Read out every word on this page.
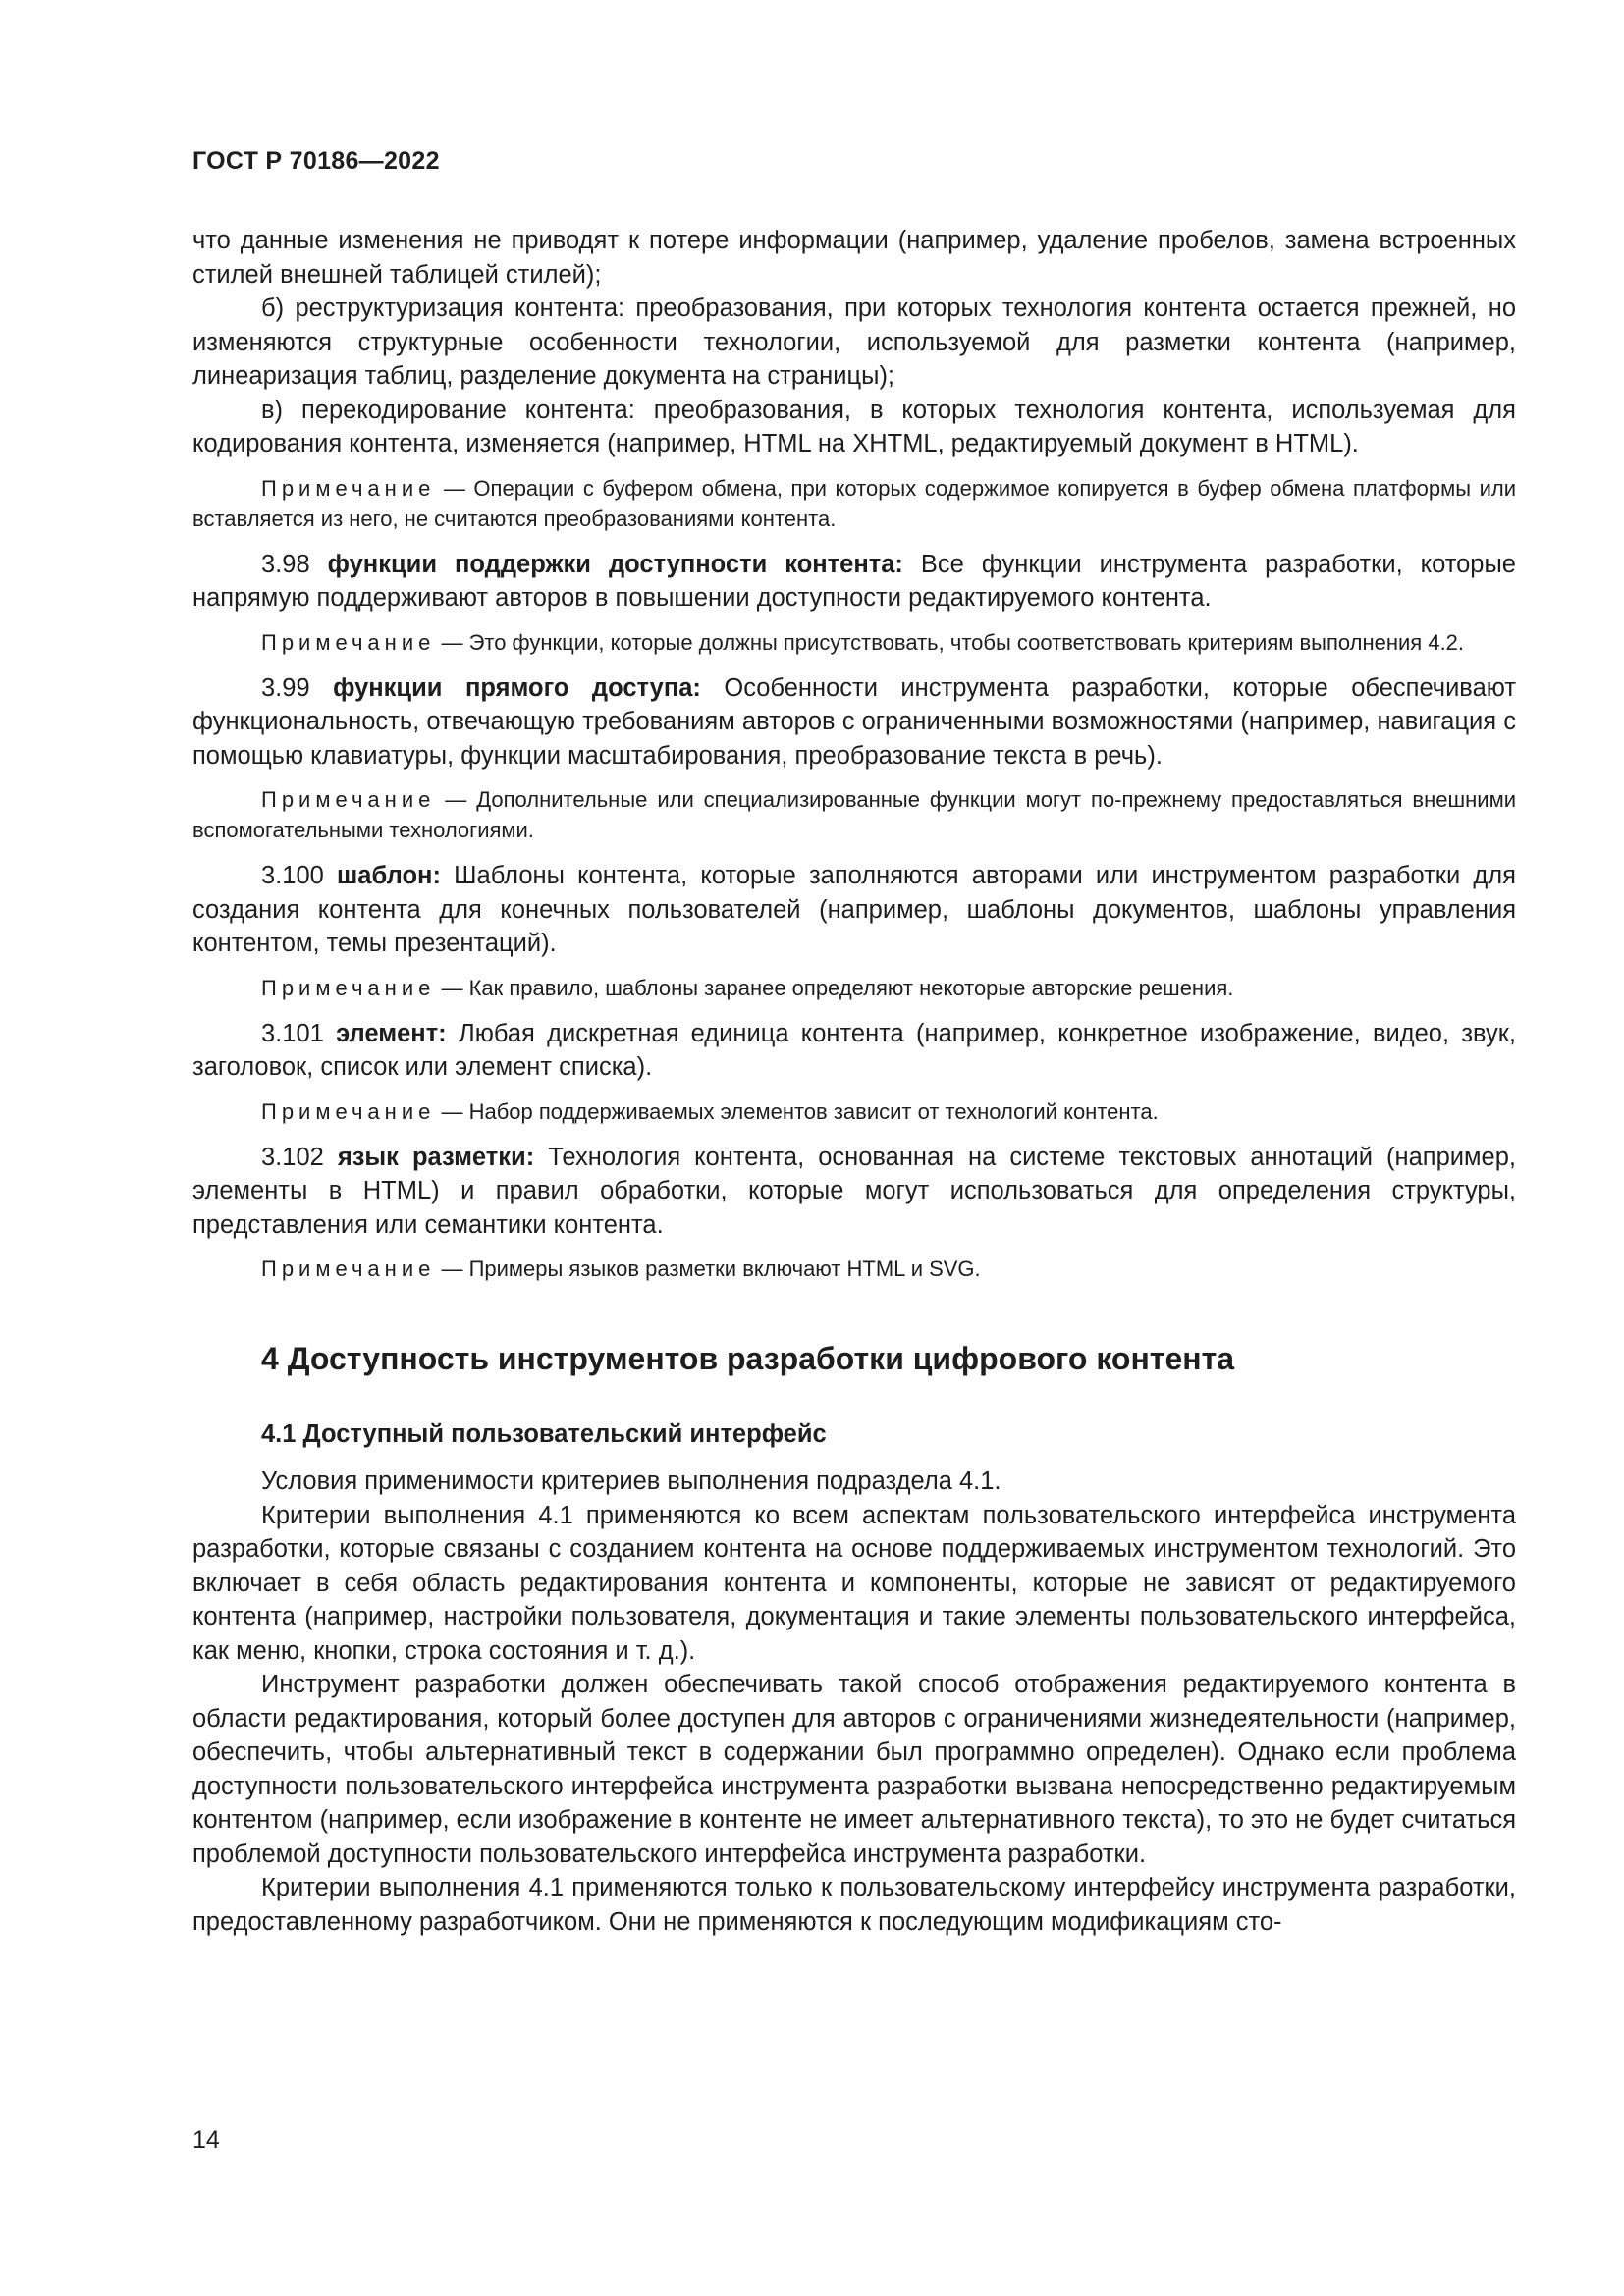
ГОСТ Р 70186—2022

что данные изменения не приводят к потере информации (например, удаление пробелов, замена встроенных стилей внешней таблицей стилей);

б) реструктуризация контента: преобразования, при которых технология контента остается прежней, но изменяются структурные особенности технологии, используемой для разметки контента (например, линеаризация таблиц, разделение документа на страницы);

в) перекодирование контента: преобразования, в которых технология контента, используемая для кодирования контента, изменяется (например, HTML на XHTML, редактируемый документ в HTML).

Примечание — Операции с буфером обмена, при которых содержимое копируется в буфер обмена платформы или вставляется из него, не считаются преобразованиями контента.

3.98 функции поддержки доступности контента: Все функции инструмента разработки, которые напрямую поддерживают авторов в повышении доступности редактируемого контента.

Примечание — Это функции, которые должны присутствовать, чтобы соответствовать критериям выполнения 4.2.

3.99 функции прямого доступа: Особенности инструмента разработки, которые обеспечивают функциональность, отвечающую требованиям авторов с ограниченными возможностями (например, навигация с помощью клавиатуры, функции масштабирования, преобразование текста в речь).

Примечание — Дополнительные или специализированные функции могут по-прежнему предоставляться внешними вспомогательными технологиями.

3.100 шаблон: Шаблоны контента, которые заполняются авторами или инструментом разработки для создания контента для конечных пользователей (например, шаблоны документов, шаблоны управления контентом, темы презентаций).

Примечание — Как правило, шаблоны заранее определяют некоторые авторские решения.

3.101 элемент: Любая дискретная единица контента (например, конкретное изображение, видео, звук, заголовок, список или элемент списка).

Примечание — Набор поддерживаемых элементов зависит от технологий контента.

3.102 язык разметки: Технология контента, основанная на системе текстовых аннотаций (например, элементы в HTML) и правил обработки, которые могут использоваться для определения структуры, представления или семантики контента.

Примечание — Примеры языков разметки включают HTML и SVG.
4 Доступность инструментов разработки цифрового контента
4.1 Доступный пользовательский интерфейс

Условия применимости критериев выполнения подраздела 4.1.

Критерии выполнения 4.1 применяются ко всем аспектам пользовательского интерфейса инструмента разработки, которые связаны с созданием контента на основе поддерживаемых инструментом технологий. Это включает в себя область редактирования контента и компоненты, которые не зависят от редактируемого контента (например, настройки пользователя, документация и такие элементы пользовательского интерфейса, как меню, кнопки, строка состояния и т. д.).

Инструмент разработки должен обеспечивать такой способ отображения редактируемого контента в области редактирования, который более доступен для авторов с ограничениями жизнедеятельности (например, обеспечить, чтобы альтернативный текст в содержании был программно определен). Однако если проблема доступности пользовательского интерфейса инструмента разработки вызвана непосредственно редактируемым контентом (например, если изображение в контенте не имеет альтернативного текста), то это не будет считаться проблемой доступности пользовательского интерфейса инструмента разработки.

Критерии выполнения 4.1 применяются только к пользовательскому интерфейсу инструмента разработки, предоставленному разработчиком. Они не применяются к последующим модификациям сто-

14
